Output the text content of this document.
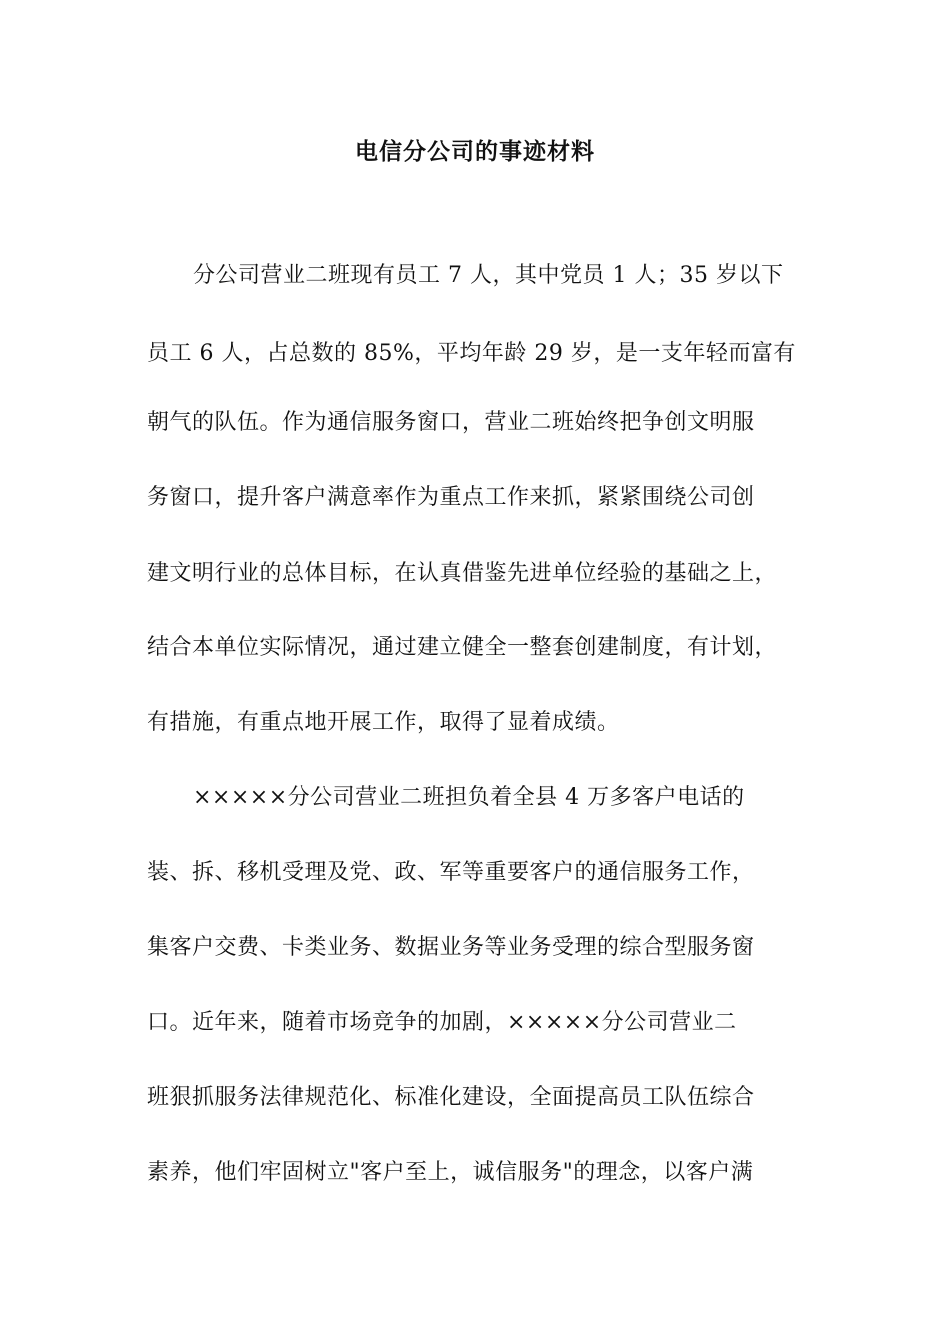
电信分公司的事迹材料
分公司营业二班现有员工 7 人，其中党员 1 人；35 岁以下
员工 6 人，占总数的 85%，平均年龄 29 岁，是一支年轻而富有
朝气的队伍。作为通信服务窗口，营业二班始终把争创文明服
务窗口，提升客户满意率作为重点工作来抓，紧紧围绕公司创
建文明行业的总体目标，在认真借鉴先进单位经验的基础之上，
结合本单位实际情况，通过建立健全一整套创建制度，有计划，
有措施，有重点地开展工作，取得了显着成绩。
×××××分公司营业二班担负着全县 4 万多客户电话的
装、拆、移机受理及党、政、军等重要客户的通信服务工作，
集客户交费、卡类业务、数据业务等业务受理的综合型服务窗
口。近年来，随着市场竞争的加剧，×××××分公司营业二
班狠抓服务法律规范化、标准化建设，全面提高员工队伍综合
素养，他们牢固树立"客户至上，诚信服务"的理念，以客户满
